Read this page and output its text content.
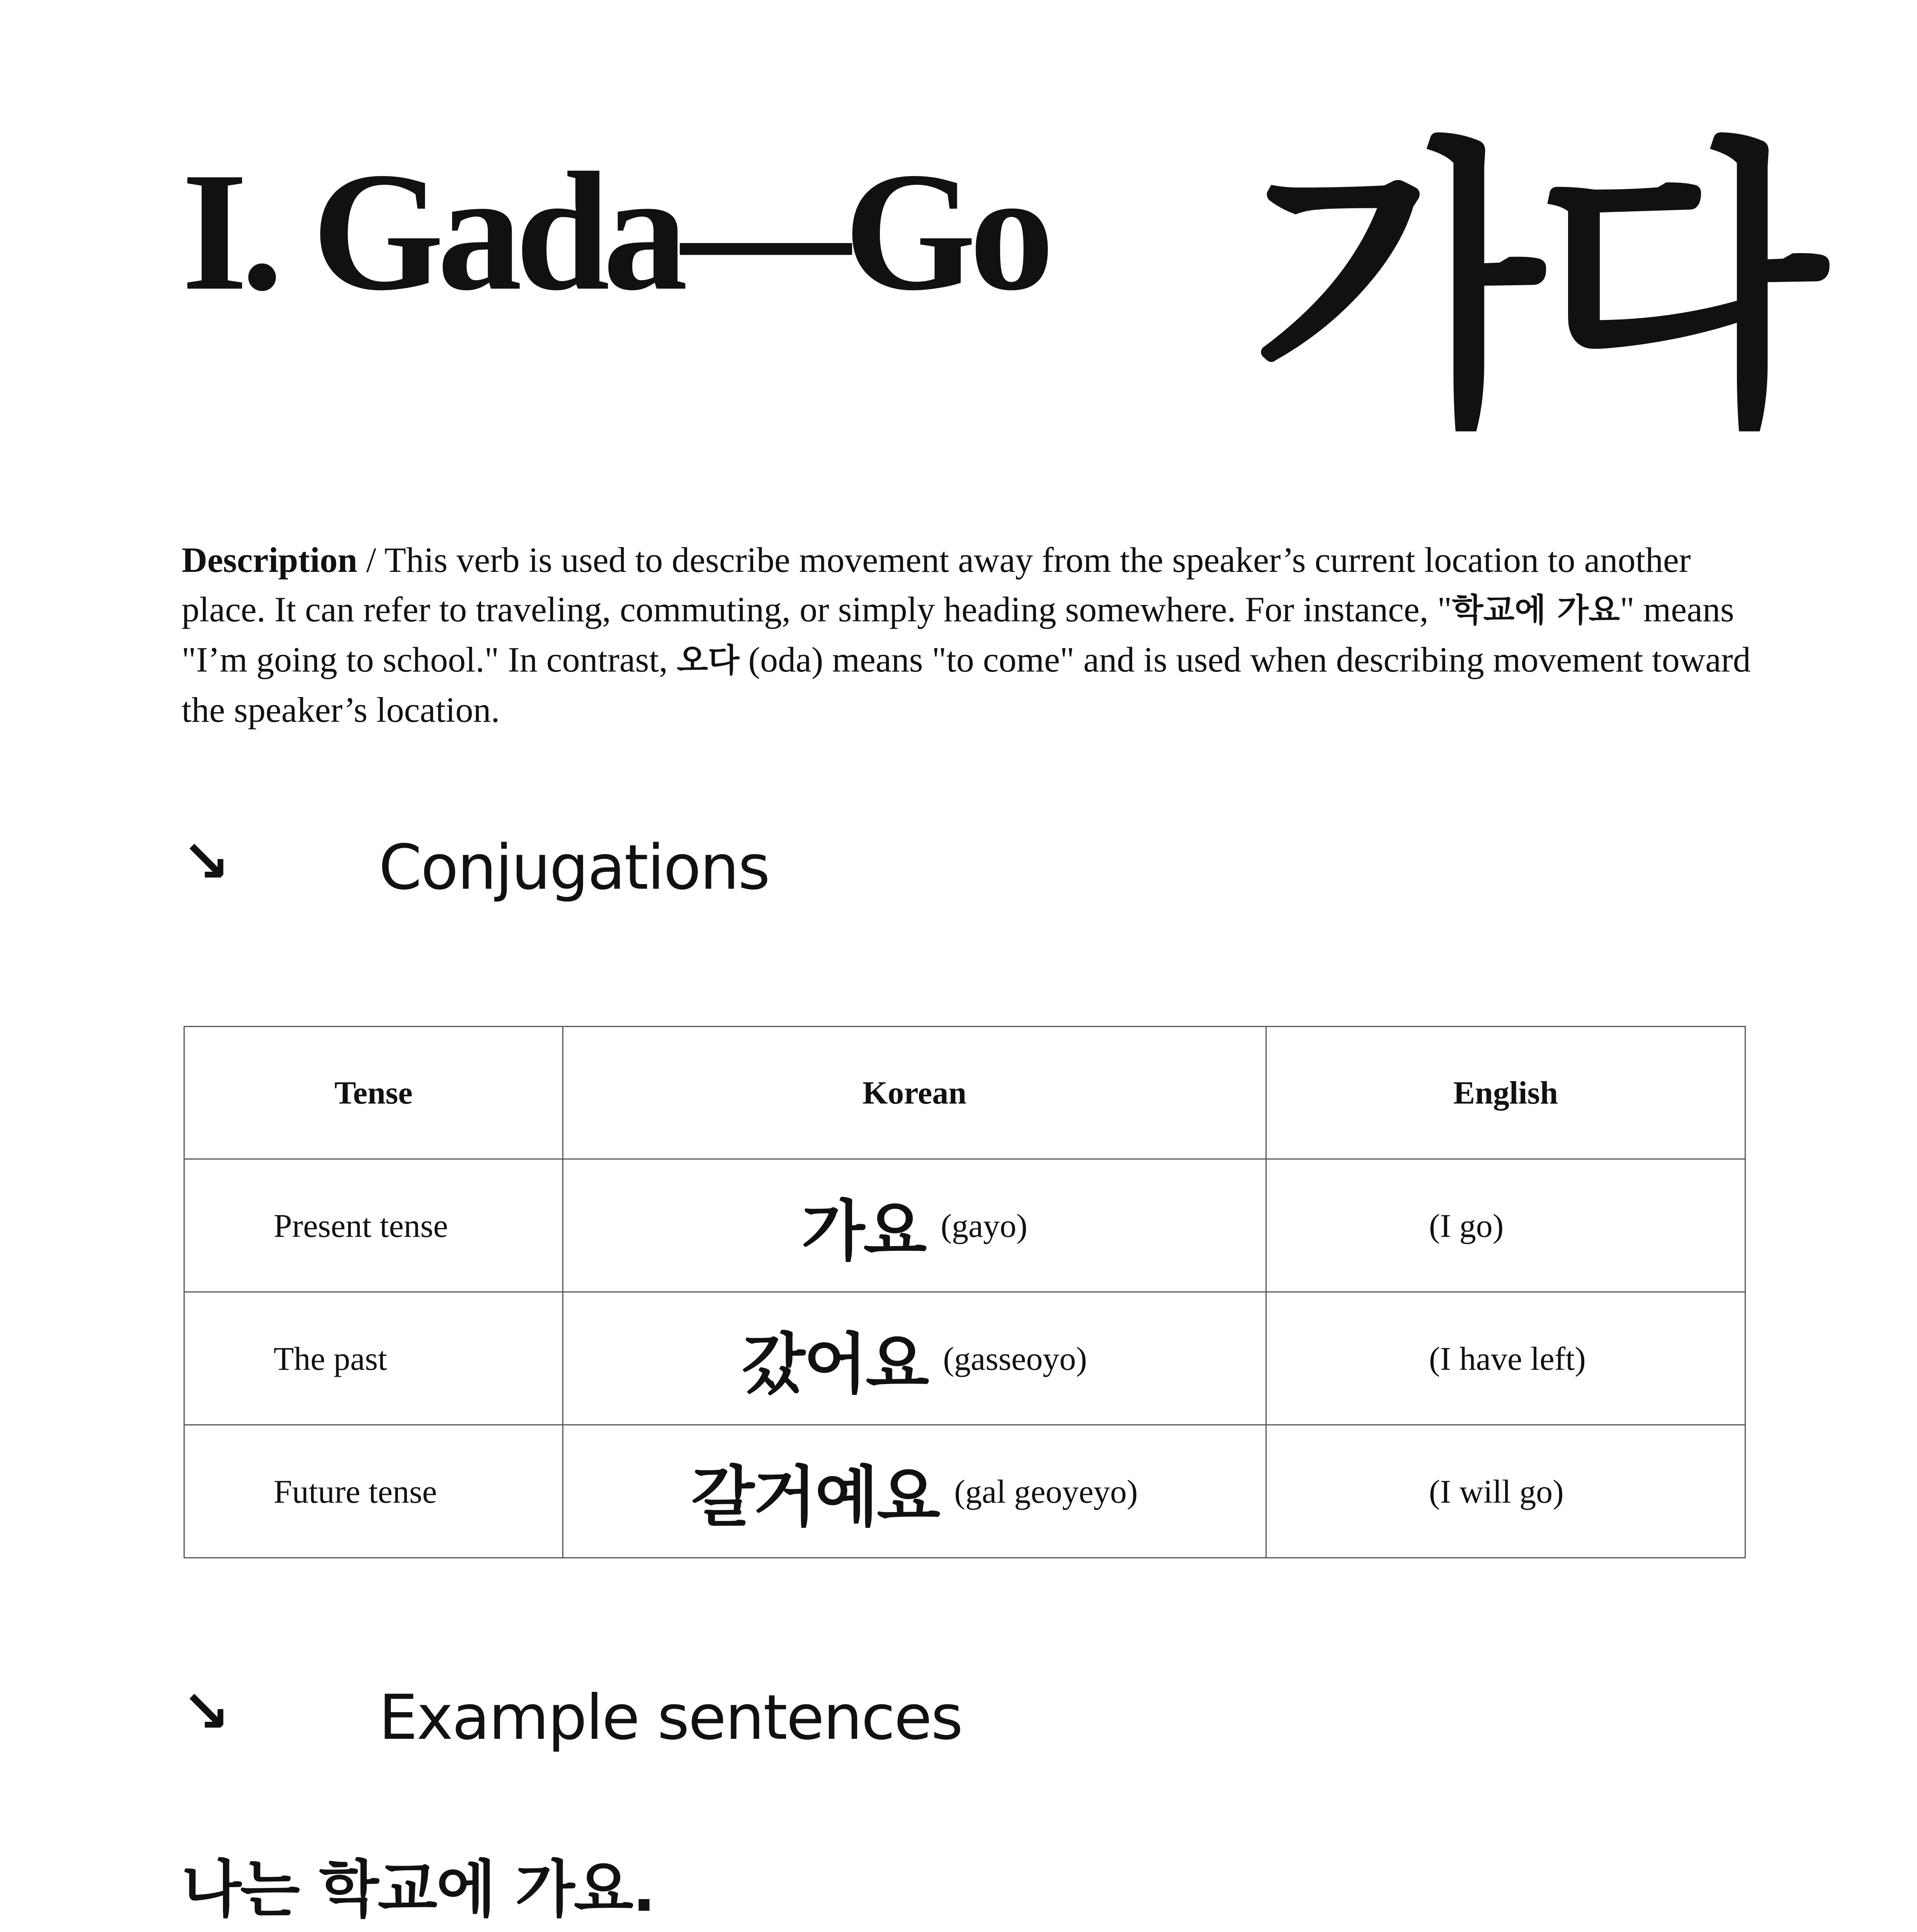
I. Gada—Go 가다
Description / This verb is used to describe movement away from the speaker’s current location to another place. It can refer to traveling, commuting, or simply heading somewhere. For instance, "학교에 가요" means "I’m going to school." In contrast, 오다 (oda) means "to come" and is used when describing movement toward the speaker’s location.
↘ Conjugations
Tense	Korean	English
Present tense	가요 (gayo)	(I go)
The past	갔어요 (gasseoyo)	(I have left)
Future tense	갈거예요 (gal geoyeyo)	(I will go)
↘ Example sentences
나는 학교에 가요.
